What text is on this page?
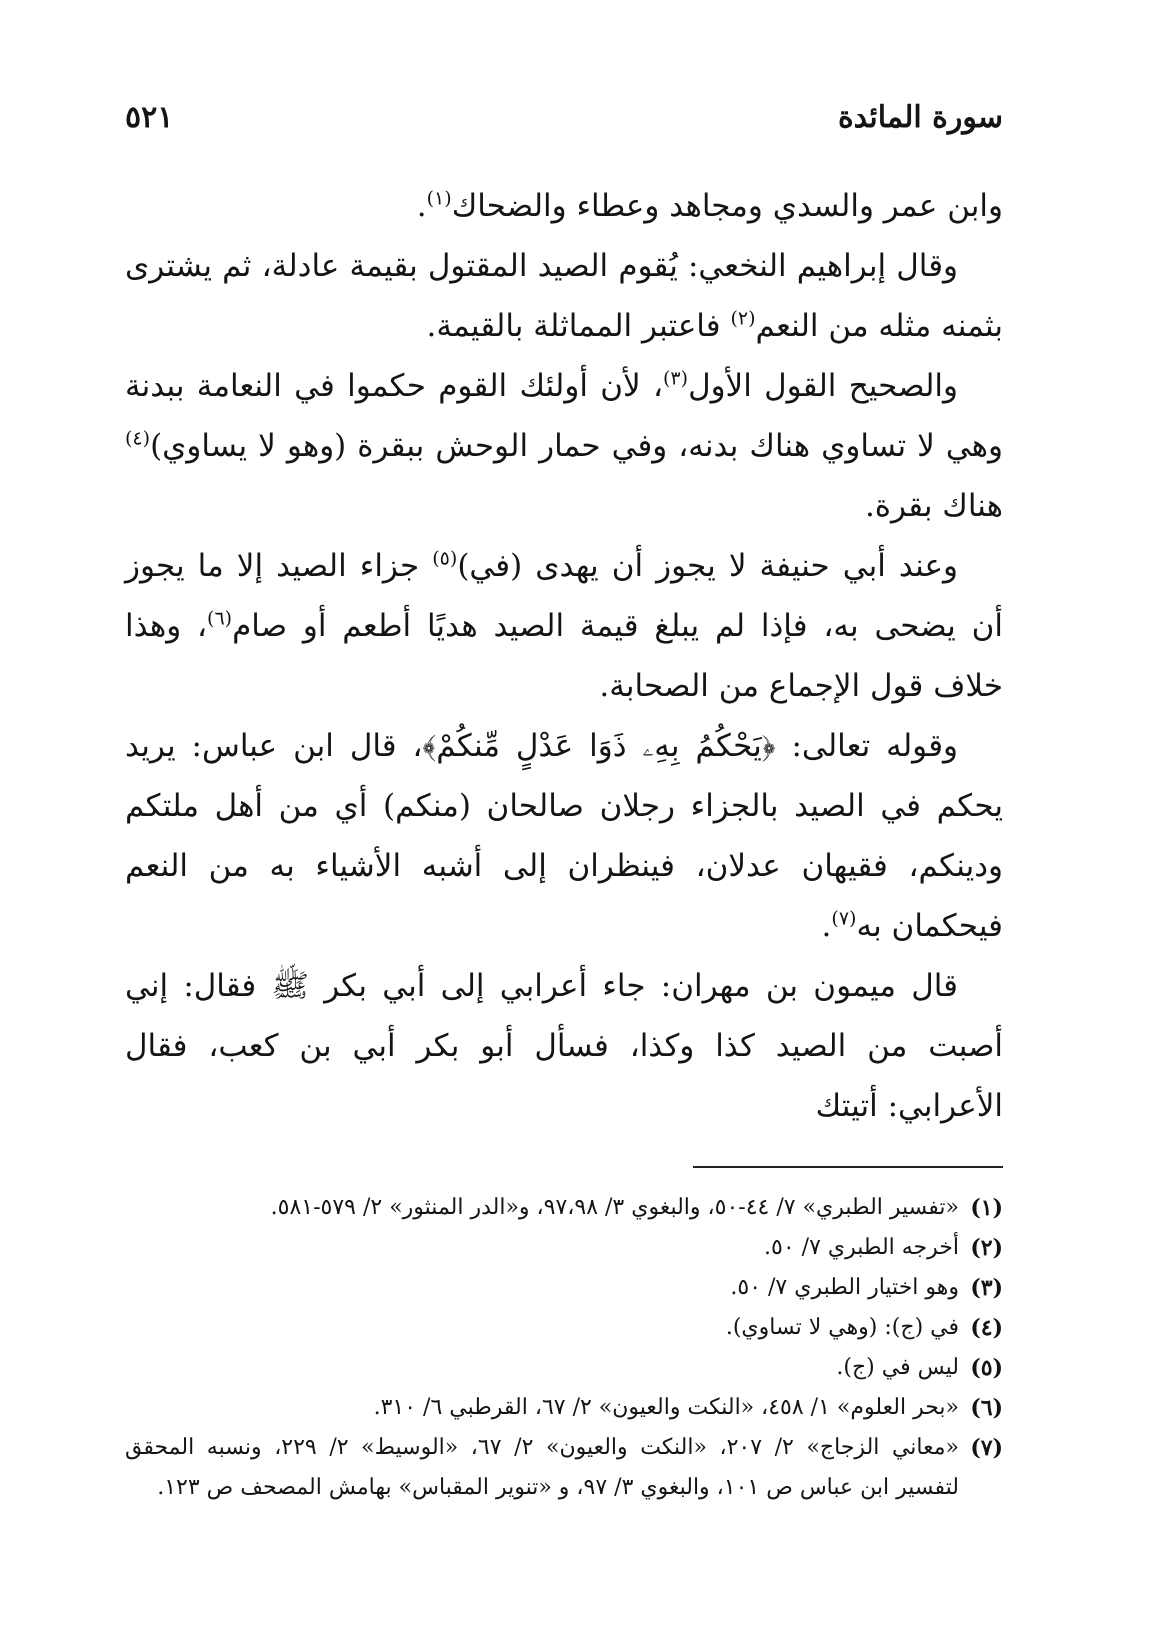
سورة المائدة
٥٢١

وابن عمر والسدي ومجاهد وعطاء والضحاك$^{(١)}$.

وقال إبراهيم النخعي: يُقوم الصيد المقتول بقيمة عادلة، ثم يشترى بثمنه مثله من النعم$^{(٢)}$ فاعتبر المماثلة بالقيمة.

والصحيح القول الأول$^{(٣)}$، لأن أولئك القوم حكموا في النعامة ببدنة وهي لا تساوي هناك بدنه، وفي حمار الوحش ببقرة (وهو لا يساوي)$^{(٤)}$ هناك بقرة.

وعند أبي حنيفة لا يجوز أن يهدى (في)$^{(٥)}$ جزاء الصيد إلا ما يجوز أن يضحى به، فإذا لم يبلغ قيمة الصيد هديًا أطعم أو صام$^{(٦)}$، وهذا خلاف قول الإجماع من الصحابة.

وقوله تعالى: ﴿يَحْكُمُ بِهِۦ ذَوَا عَدْلٍ مِّنكُمْ﴾، قال ابن عباس: يريد يحكم في الصيد بالجزاء رجلان صالحان (منكم) أي من أهل ملتكم ودينكم، فقيهان عدلان، فينظران إلى أشبه الأشياء به من النعم فيحكمان به$^{(٧)}$.

قال ميمون بن مهران: جاء أعرابي إلى أبي بكر ﷺ فقال: إني أصبت من الصيد كذا وكذا، فسأل أبو بكر أبي بن كعب، فقال الأعرابي: أتيتك

(١)
«تفسير الطبري» ٧/ ٤٤-٥٠، والبغوي ٣/ ٩٧،٩٨، و«الدر المنثور» ٢/ ٥٧٩-٥٨١.
(٢)
أخرجه الطبري ٧/ ٥٠.
(٣)
وهو اختيار الطبري ٧/ ٥٠.
(٤)
في (ج): (وهي لا تساوي).
(٥)
ليس في (ج).
(٦)
«بحر العلوم» ١/ ٤٥٨، «النكت والعيون» ٢/ ٦٧، القرطبي ٦/ ٣١٠.
(٧)
«معاني الزجاج» ٢/ ٢٠٧، «النكت والعيون» ٢/ ٦٧، «الوسيط» ٢/ ٢٢٩، ونسبه المحقق لتفسير ابن عباس ص ١٠١، والبغوي ٣/ ٩٧، و «تنوير المقباس» بهامش المصحف ص ١٢٣.
